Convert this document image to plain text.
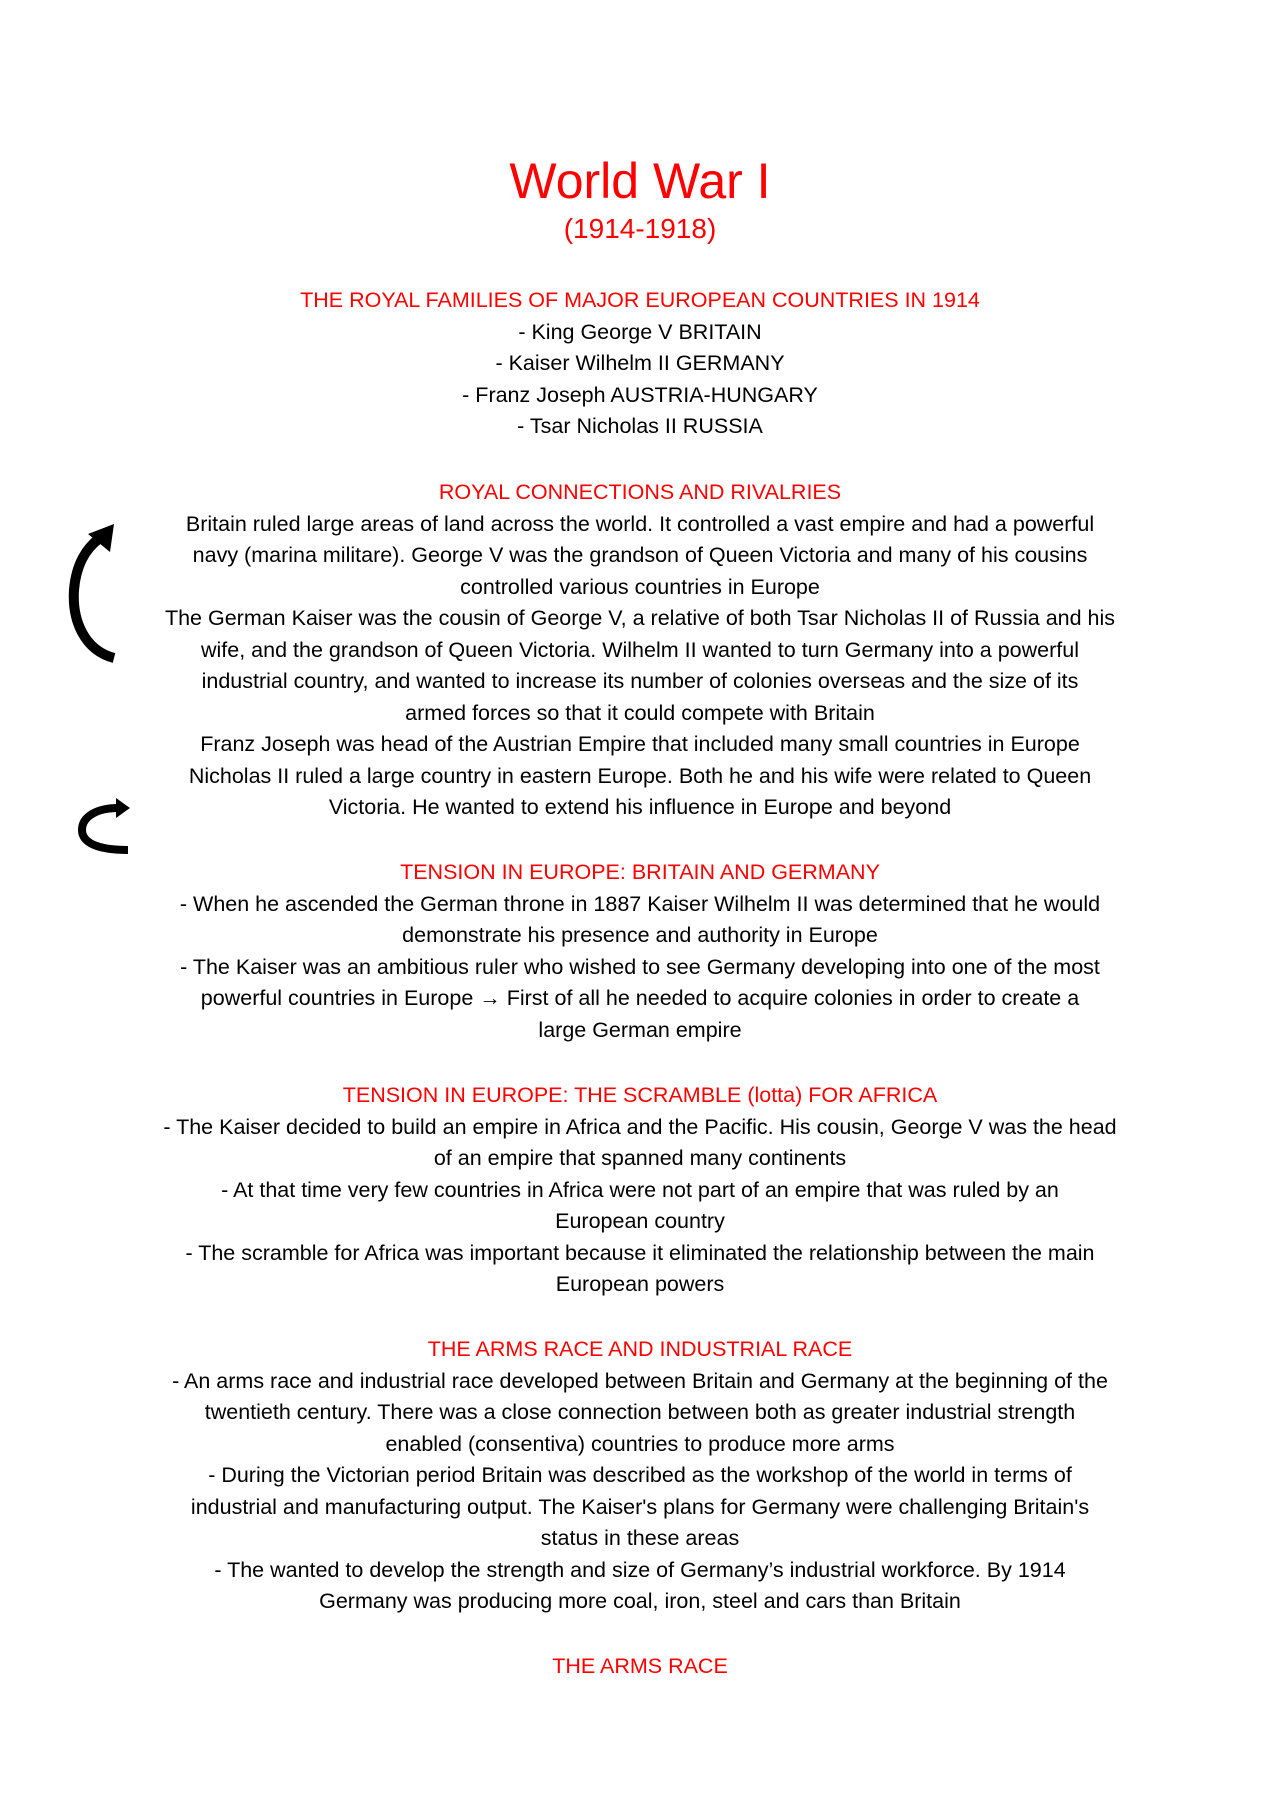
World War I
(1914-1918)
THE ROYAL FAMILIES OF MAJOR EUROPEAN COUNTRIES IN 1914
- King George V BRITAIN
- Kaiser Wilhelm II GERMANY
- Franz Joseph AUSTRIA-HUNGARY
- Tsar Nicholas II RUSSIA
ROYAL CONNECTIONS AND RIVALRIES
Britain ruled large areas of land across the world. It controlled a vast empire and had a powerful
navy (marina militare). George V was the grandson of Queen Victoria and many of his cousins
controlled various countries in Europe
The German Kaiser was the cousin of George V, a relative of both Tsar Nicholas II of Russia and his
wife, and the grandson of Queen Victoria. Wilhelm II wanted to turn Germany into a powerful
industrial country, and wanted to increase its number of colonies overseas and the size of its
armed forces so that it could compete with Britain
Franz Joseph was head of the Austrian Empire that included many small countries in Europe
Nicholas II ruled a large country in eastern Europe. Both he and his wife were related to Queen
Victoria. He wanted to extend his influence in Europe and beyond
TENSION IN EUROPE: BRITAIN AND GERMANY
- When he ascended the German throne in 1887 Kaiser Wilhelm II was determined that he would
demonstrate his presence and authority in Europe
- The Kaiser was an ambitious ruler who wished to see Germany developing into one of the most
powerful countries in Europe → First of all he needed to acquire colonies in order to create a
large German empire
TENSION IN EUROPE: THE SCRAMBLE (lotta) FOR AFRICA
- The Kaiser decided to build an empire in Africa and the Pacific. His cousin, George V was the head
of an empire that spanned many continents
- At that time very few countries in Africa were not part of an empire that was ruled by an
European country
- The scramble for Africa was important because it eliminated the relationship between the main
European powers
THE ARMS RACE AND INDUSTRIAL RACE
- An arms race and industrial race developed between Britain and Germany at the beginning of the
twentieth century. There was a close connection between both as greater industrial strength
enabled (consentiva) countries to produce more arms
- During the Victorian period Britain was described as the workshop of the world in terms of
industrial and manufacturing output. The Kaiser's plans for Germany were challenging Britain's
status in these areas
- The wanted to develop the strength and size of Germany’s industrial workforce. By 1914
Germany was producing more coal, iron, steel and cars than Britain
THE ARMS RACE
